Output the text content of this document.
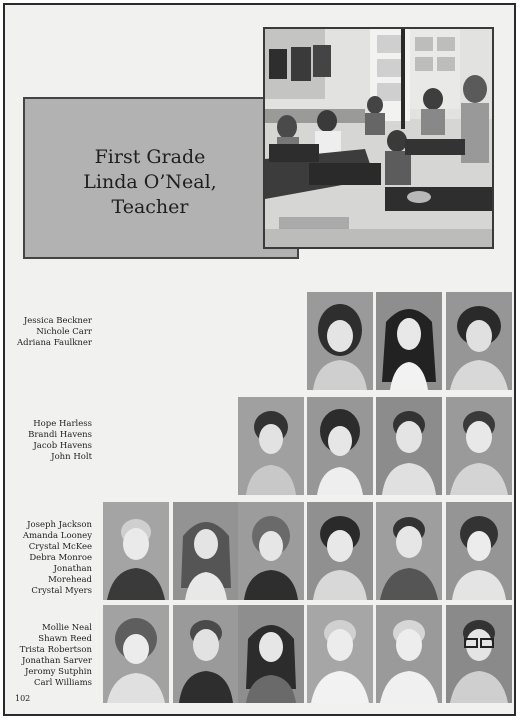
First Grade
Linda O’Neal,
Teacher
Jessica Beckner
Nichole Carr
Adriana Faulkner
Hope Harless
Brandi Havens
Jacob Havens
John Holt
Joseph Jackson
Amanda Looney
Crystal McKee
Debra Monroe
Jonathan
Morehead
Crystal Myers
Mollie Neal
Shawn Reed
Trista Robertson
Jonathan Sarver
Jeromy Sutphin
Carl Williams
102
